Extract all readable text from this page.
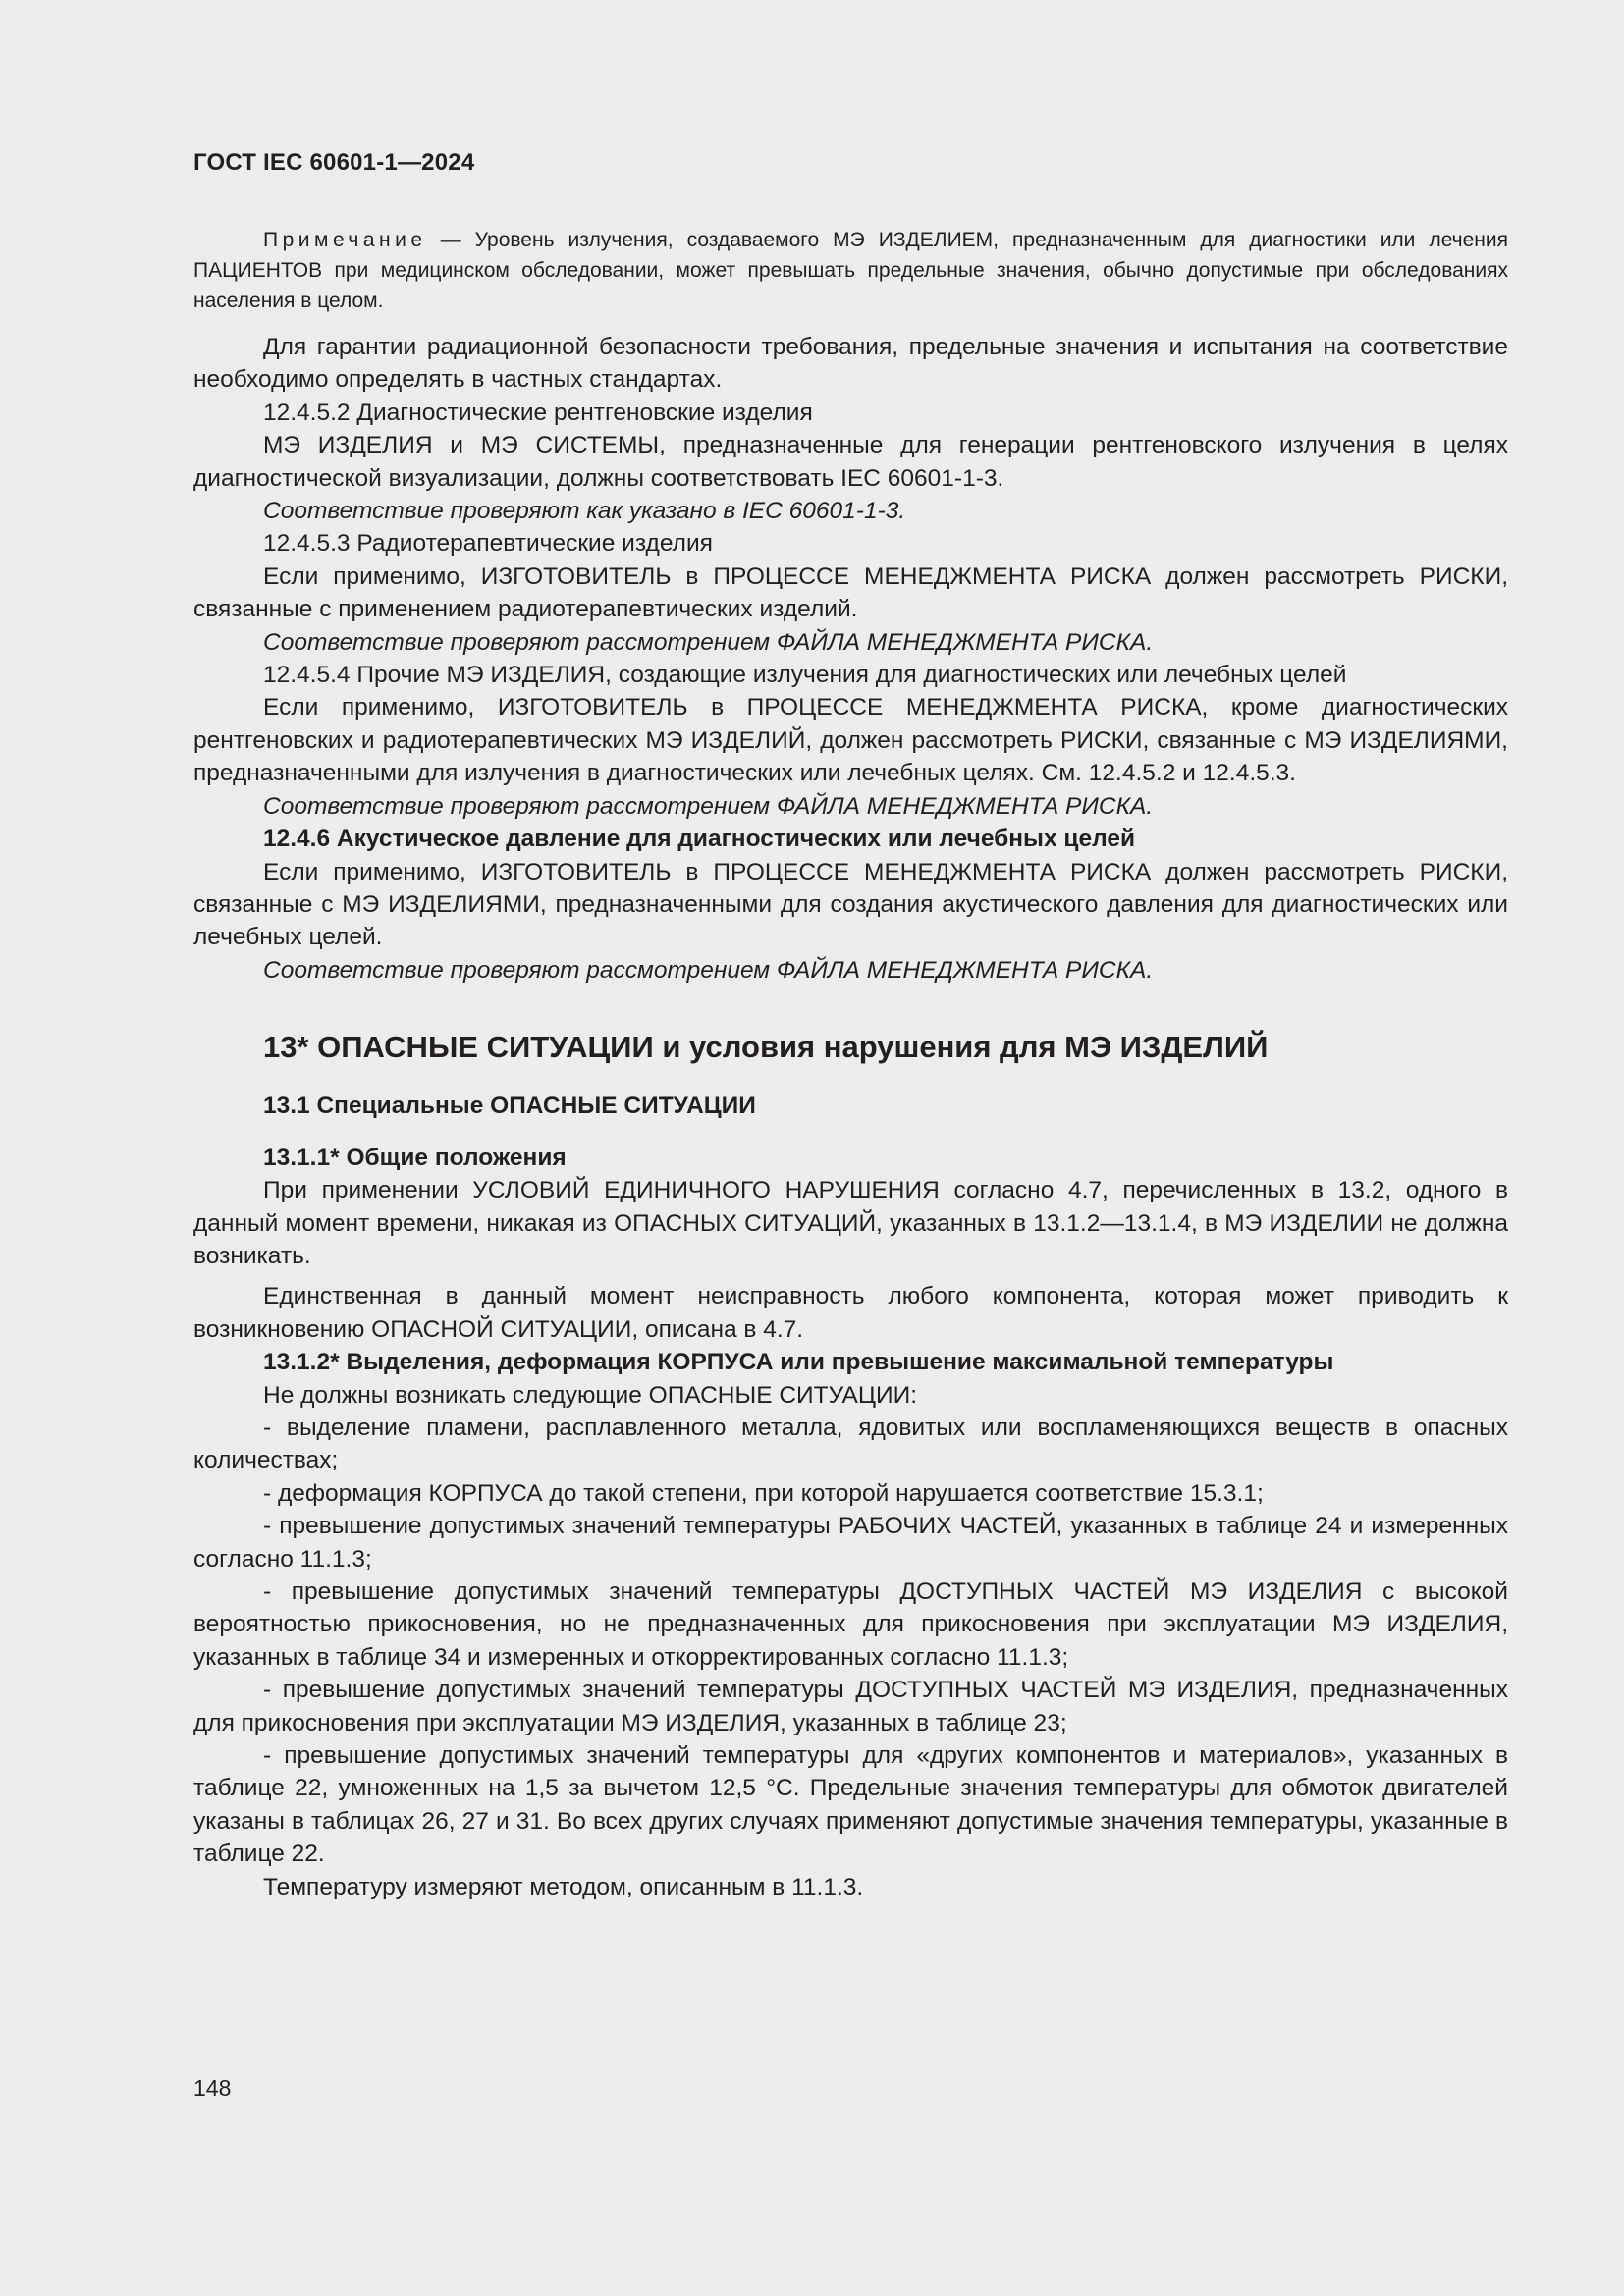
ГОСТ IEC 60601-1—2024

Примечание — Уровень излучения, создаваемого МЭ ИЗДЕЛИЕМ, предназначенным для диагностики или лечения ПАЦИЕНТОВ при медицинском обследовании, может превышать предельные значения, обычно допустимые при обследованиях населения в целом.

Для гарантии радиационной безопасности требования, предельные значения и испытания на соответствие необходимо определять в частных стандартах.

12.4.5.2 Диагностические рентгеновские изделия

МЭ ИЗДЕЛИЯ и МЭ СИСТЕМЫ, предназначенные для генерации рентгеновского излучения в целях диагностической визуализации, должны соответствовать IEC 60601-1-3.

Соответствие проверяют как указано в IEC 60601-1-3.

12.4.5.3 Радиотерапевтические изделия

Если применимо, ИЗГОТОВИТЕЛЬ в ПРОЦЕССЕ МЕНЕДЖМЕНТА РИСКА должен рассмотреть РИСКИ, связанные с применением радиотерапевтических изделий.

Соответствие проверяют рассмотрением ФАЙЛА МЕНЕДЖМЕНТА РИСКА.

12.4.5.4 Прочие МЭ ИЗДЕЛИЯ, создающие излучения для диагностических или лечебных целей

Если применимо, ИЗГОТОВИТЕЛЬ в ПРОЦЕССЕ МЕНЕДЖМЕНТА РИСКА, кроме диагностических рентгеновских и радиотерапевтических МЭ ИЗДЕЛИЙ, должен рассмотреть РИСКИ, связанные с МЭ ИЗДЕЛИЯМИ, предназначенными для излучения в диагностических или лечебных целях. См. 12.4.5.2 и 12.4.5.3.

Соответствие проверяют рассмотрением ФАЙЛА МЕНЕДЖМЕНТА РИСКА.

12.4.6 Акустическое давление для диагностических или лечебных целей

Если применимо, ИЗГОТОВИТЕЛЬ в ПРОЦЕССЕ МЕНЕДЖМЕНТА РИСКА должен рассмотреть РИСКИ, связанные с МЭ ИЗДЕЛИЯМИ, предназначенными для создания акустического давления для диагностических или лечебных целей.

Соответствие проверяют рассмотрением ФАЙЛА МЕНЕДЖМЕНТА РИСКА.

13* ОПАСНЫЕ СИТУАЦИИ и условия нарушения для МЭ ИЗДЕЛИЙ
13.1 Специальные ОПАСНЫЕ СИТУАЦИИ
13.1.1* Общие положения

При применении УСЛОВИЙ ЕДИНИЧНОГО НАРУШЕНИЯ согласно 4.7, перечисленных в 13.2, одного в данный момент времени, никакая из ОПАСНЫХ СИТУАЦИЙ, указанных в 13.1.2—13.1.4, в МЭ ИЗДЕЛИИ не должна возникать.

Единственная в данный момент неисправность любого компонента, которая может приводить к возникновению ОПАСНОЙ СИТУАЦИИ, описана в 4.7.

13.1.2* Выделения, деформация КОРПУСА или превышение максимальной температуры

Не должны возникать следующие ОПАСНЫЕ СИТУАЦИИ:

- выделение пламени, расплавленного металла, ядовитых или воспламеняющихся веществ в опасных количествах;

- деформация КОРПУСА до такой степени, при которой нарушается соответствие 15.3.1;

- превышение допустимых значений температуры РАБОЧИХ ЧАСТЕЙ, указанных в таблице 24 и измеренных согласно 11.1.3;

- превышение допустимых значений температуры ДОСТУПНЫХ ЧАСТЕЙ МЭ ИЗДЕЛИЯ с высокой вероятностью прикосновения, но не предназначенных для прикосновения при эксплуатации МЭ ИЗДЕЛИЯ, указанных в таблице 34 и измеренных и откорректированных согласно 11.1.3;

- превышение допустимых значений температуры ДОСТУПНЫХ ЧАСТЕЙ МЭ ИЗДЕЛИЯ, предназначенных для прикосновения при эксплуатации МЭ ИЗДЕЛИЯ, указанных в таблице 23;

- превышение допустимых значений температуры для «других компонентов и материалов», указанных в таблице 22, умноженных на 1,5 за вычетом 12,5 °C. Предельные значения температуры для обмоток двигателей указаны в таблицах 26, 27 и 31. Во всех других случаях применяют допустимые значения температуры, указанные в таблице 22.

Температуру измеряют методом, описанным в 11.1.3.

148
